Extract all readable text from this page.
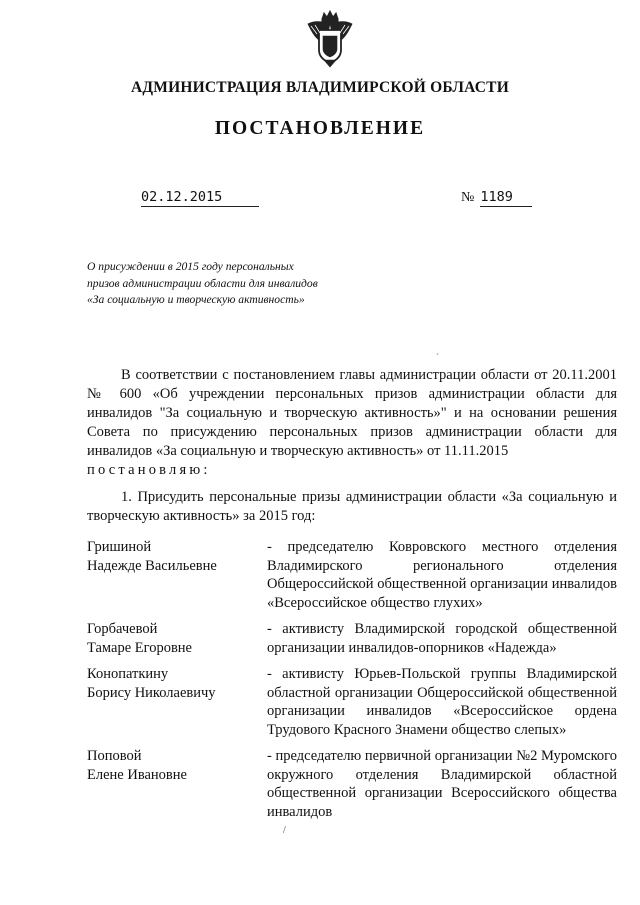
АДМИНИСТРАЦИЯ ВЛАДИМИРСКОЙ ОБЛАСТИ
ПОСТАНОВЛЕНИЕ
02.12.2015	№ 1189
О присуждении в 2015 году персональных призов администрации области для инвалидов «За социальную и творческую активность»
`
В соответствии с постановлением главы администрации области от 20.11.2001 № 600 «Об учреждении персональных призов администрации области для инвалидов "За социальную и творческую активность»" и на основании решения Совета по присуждению персональных призов администрации области для инвалидов «За социальную и творческую активность» от 11.11.2015
постановляю:
1. Присудить персональные призы администрации области «За социальную и творческую активность» за 2015 год:
Гришиной
Надежде Васильевне
- председателю Ковровского местного отделения Владимирского регионального отделения Общероссийской общественной организации инвалидов «Всероссийское общество глухих»
Горбачевой
Тамаре Егоровне
- активисту Владимирской городской общественной организации инвалидов-опорников «Надежда»
Конопаткину
Борису Николаевичу
- активисту Юрьев-Польской группы Владимирской областной организации Общероссийской общественной организации инвалидов «Всероссийское ордена Трудового Красного Знамени общество слепых»
Поповой
Елене Ивановне
- председателю первичной организации №2 Муромского окружного отделения Владимирской областной общественной организации Всероссийского общества инвалидов
/
